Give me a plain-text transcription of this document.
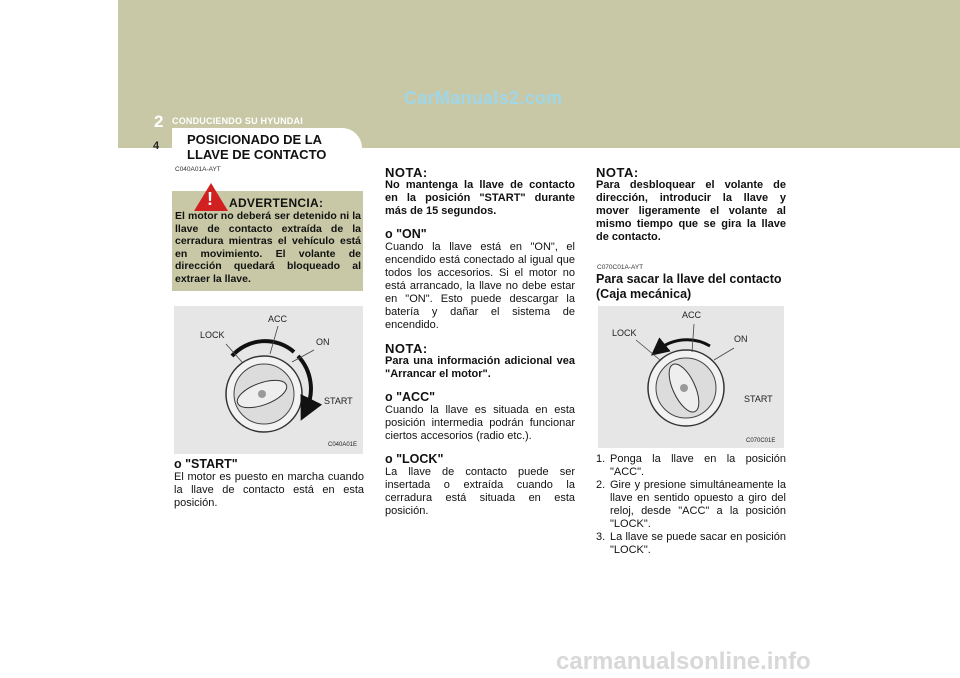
CarManuals2.com
2 CONDUCIENDO SU HYUNDAI
4 POSICIONADO DE LA
LLAVE DE CONTACTO
C040A01A-AYT
! ADVERTENCIA:
El motor no deberá ser detenido ni la llave de contacto extraída de la cerradura mientras el vehículo está en movimiento. El volante de dirección quedará bloqueado al extraer la llave.
LOCK
ACC
ON
START
C040A01E

o "START"

El motor es puesto en marcha cuando la llave de contacto está en esta posición.

NOTA:

No mantenga la llave de contacto en la posición "START" durante más de 15 segundos.

o "ON"

Cuando la llave está en "ON", el encendido está conectado al igual que todos los accesorios. Si el motor no está arrancado, la llave no debe estar en "ON". Esto puede descargar la batería y dañar el sistema de encendido.

NOTA:

Para una información adicional vea "Arrancar el motor".

o "ACC"

Cuando la llave es situada en esta posición intermedia podrán funcionar ciertos accesorios (radio etc.).

o "LOCK"

La llave de contacto puede ser insertada o extraída cuando la cerradura está situada en esta posición.

NOTA:

Para desbloquear el volante de dirección, introducir la llave y mover ligeramente el volante al mismo tiempo que se gira la llave de contacto.

C070C01A-AYT

Para sacar la llave del contacto (Caja mecánica)

LOCK
ACC
ON
START
C070C01E
1. Ponga la llave en la posición "ACC".
2. Gire y presione simultáneamente la llave en sentido opuesto a giro del reloj, desde "ACC" a la posición "LOCK".
3. La llave se puede sacar en posición "LOCK".
carmanualsonline.info
